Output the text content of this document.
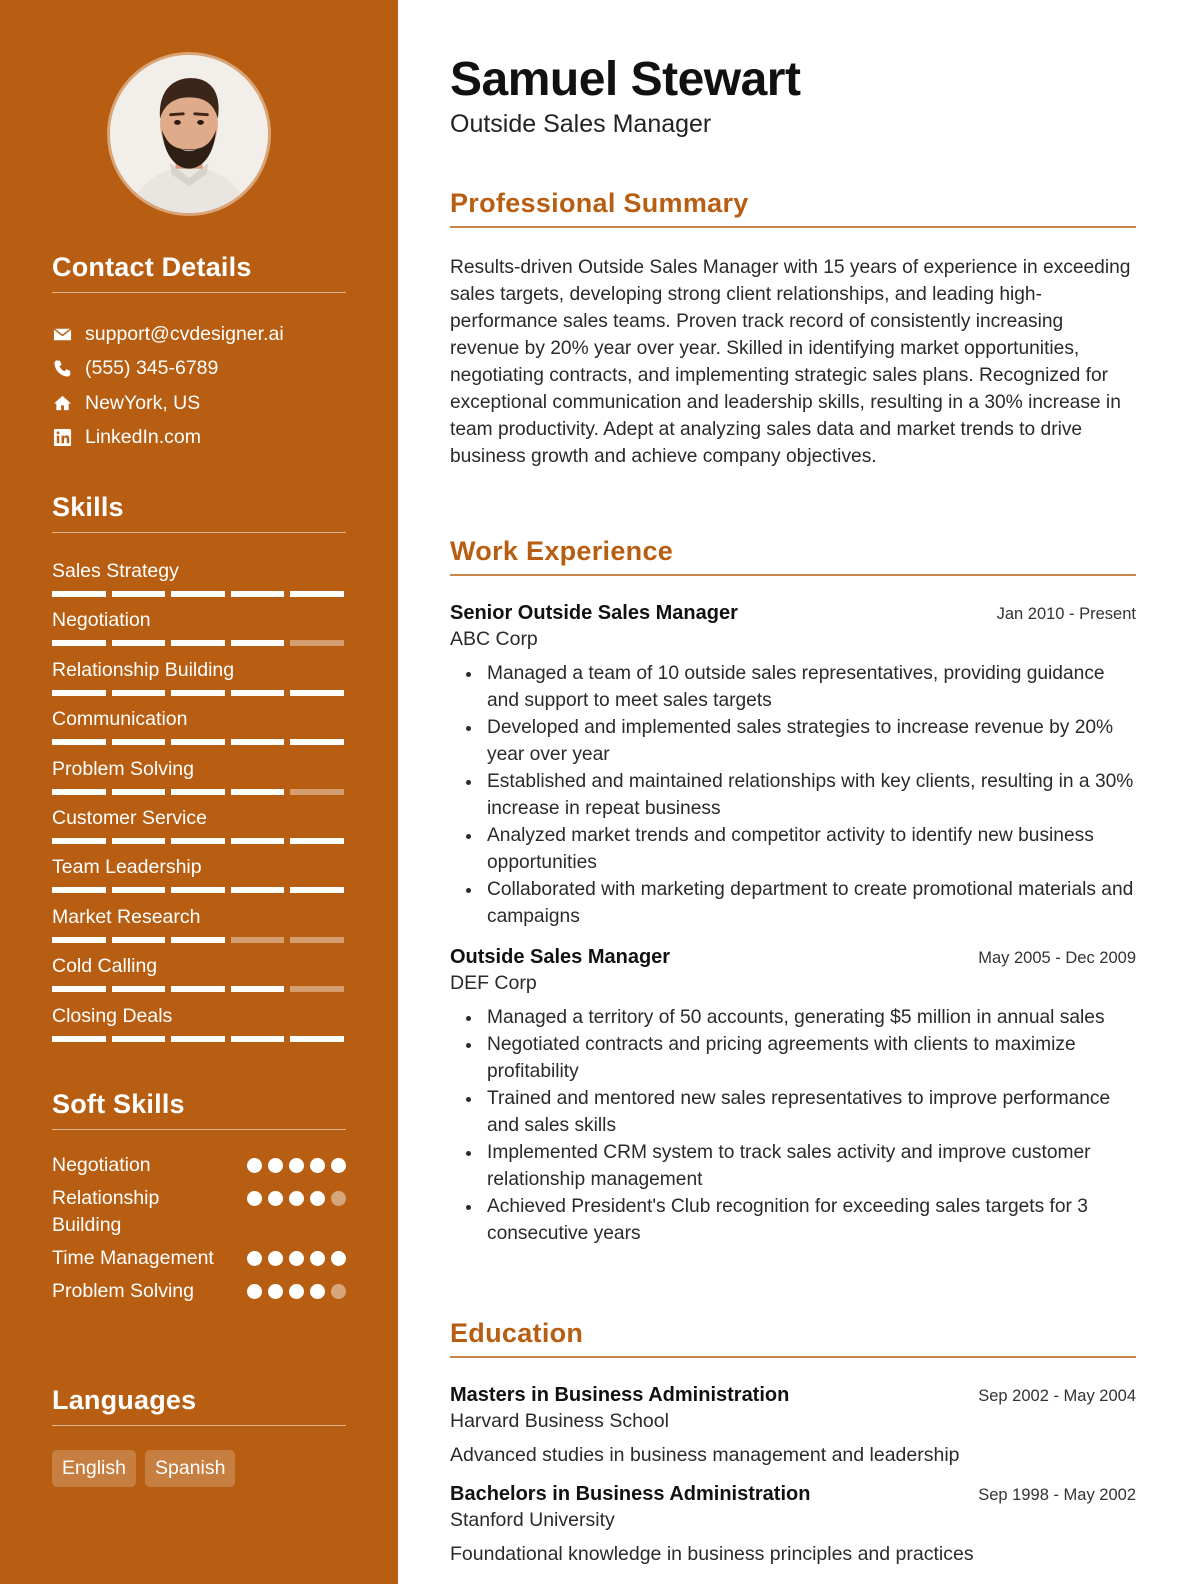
Contact Details
support@cvdesigner.ai
(555) 345-6789
NewYork, US
LinkedIn.com
Skills
Sales Strategy
Negotiation
Relationship Building
Communication
Problem Solving
Customer Service
Team Leadership
Market Research
Cold Calling
Closing Deals
Soft Skills
Negotiation
Relationship Building
Time Management
Problem Solving
Languages
English	Spanish
Samuel Stewart
Outside Sales Manager
Professional Summary
Results-driven Outside Sales Manager with 15 years of experience in exceeding sales targets, developing strong client relationships, and leading high-performance sales teams. Proven track record of consistently increasing revenue by 20% year over year. Skilled in identifying market opportunities, negotiating contracts, and implementing strategic sales plans. Recognized for exceptional communication and leadership skills, resulting in a 30% increase in team productivity. Adept at analyzing sales data and market trends to drive business growth and achieve company objectives.
Work Experience
Senior Outside Sales Manager	Jan 2010 - Present
ABC Corp
Managed a team of 10 outside sales representatives, providing guidance and support to meet sales targets
Developed and implemented sales strategies to increase revenue by 20% year over year
Established and maintained relationships with key clients, resulting in a 30% increase in repeat business
Analyzed market trends and competitor activity to identify new business opportunities
Collaborated with marketing department to create promotional materials and campaigns
Outside Sales Manager	May 2005 - Dec 2009
DEF Corp
Managed a territory of 50 accounts, generating $5 million in annual sales
Negotiated contracts and pricing agreements with clients to maximize profitability
Trained and mentored new sales representatives to improve performance and sales skills
Implemented CRM system to track sales activity and improve customer relationship management
Achieved President's Club recognition for exceeding sales targets for 3 consecutive years
Education
Masters in Business Administration	Sep 2002 - May 2004
Harvard Business School
Advanced studies in business management and leadership
Bachelors in Business Administration	Sep 1998 - May 2002
Stanford University
Foundational knowledge in business principles and practices
